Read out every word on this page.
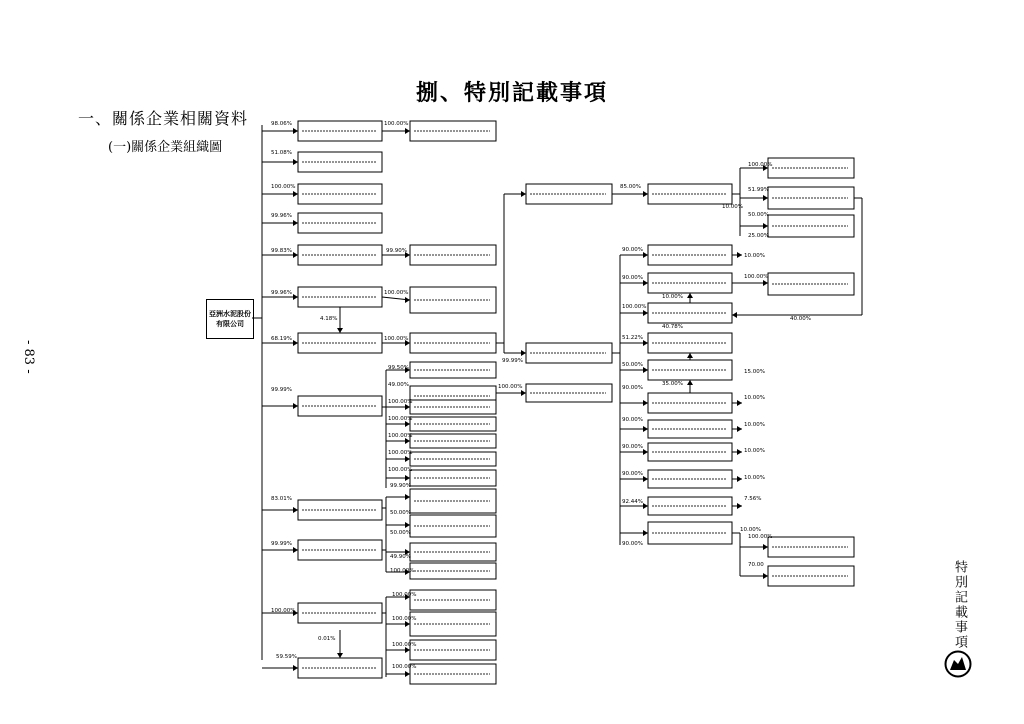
捌、特別記載事項
一、關係企業相關資料
(一)關係企業組織圖
- 83 -
特別記載事項
亞洲水泥股份有限公司
98.06%
51.08%
100.00%
99.96%
99.83%
99.96%
4.18%
68.19%
99.99%
83.01%
99.99%
100.00%
0.01%
59.59%
100.00%
99.90%
100.00%
100.00%
99.50%
49.00%
100.00%
100.00%
100.00%
100.00%
100.00%
99.90%
50.00%
50.00%
49.90%
100.00%
100.00%
100.00%
100.00%
100.00%
99.99%
100.00%
85.00%
90.00%
90.00%
100.00%
51.22%
50.00%
90.00%
90.00%
90.00%
90.00%
92.44%
90.00%
10.00%
40.78%
35.00%
100.00%
51.99%
10.00%
50.00%
25.00%
10.00%
100.00%
40.00%
15.00%
10.00%
10.00%
10.00%
10.00%
7.56%
10.00%
100.00%
70.00
